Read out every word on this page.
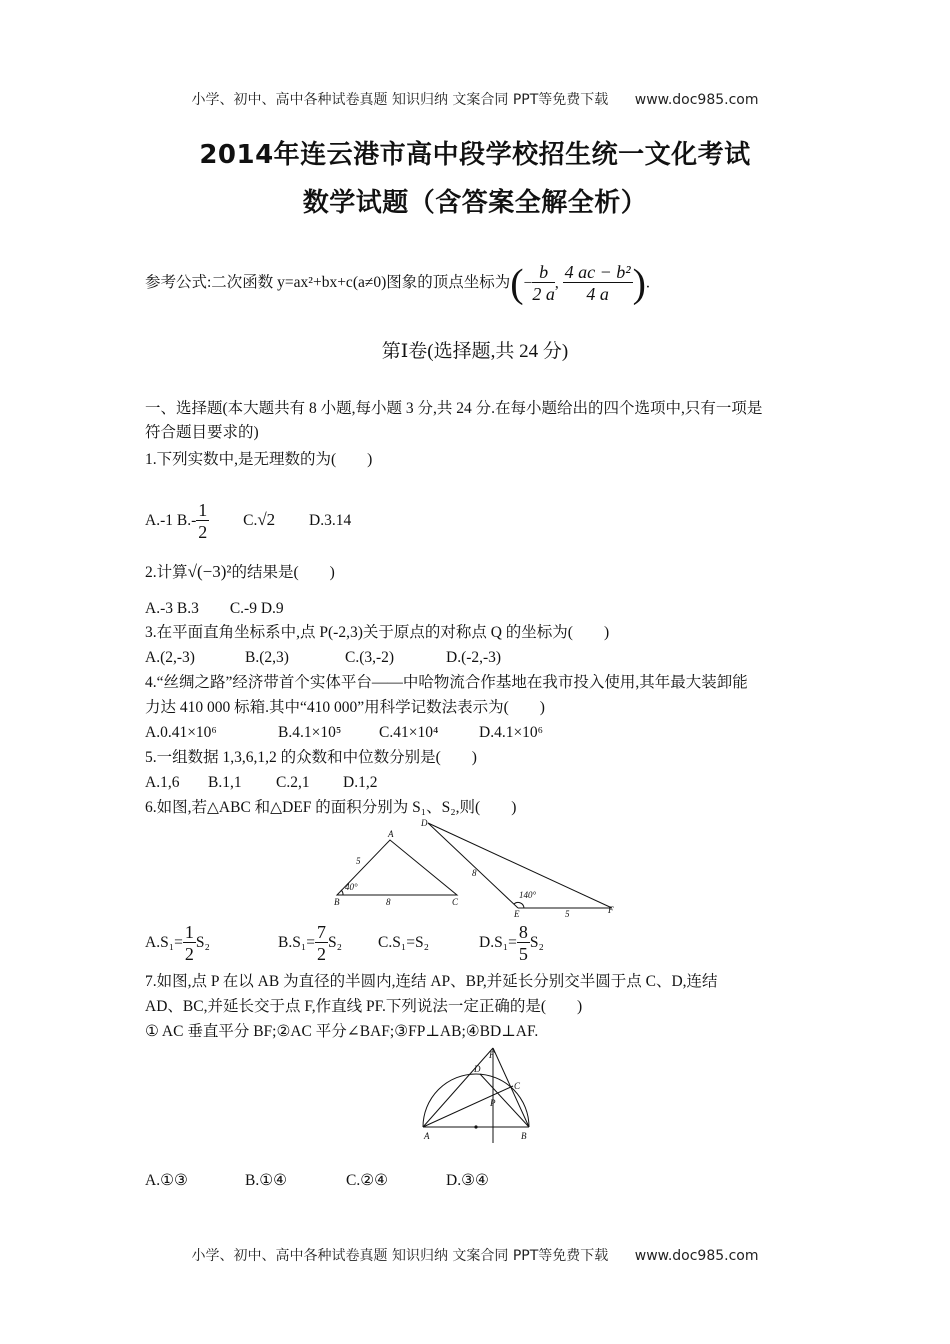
小学、初中、高中各种试卷真题 知识归纳 文案合同 PPT等免费下载 www.doc985.com
2014年连云港市高中段学校招生统一文化考试
数学试题（含答案全解全析）
参考公式:二次函数 y=ax²+bx+c(a≠0)图象的顶点坐标为(− $\frac{b}{2 a}$ , $\frac{\text{4 ac − b²}}{4 a}$ ).
第Ⅰ卷(选择题,共 24 分)
一、选择题(本大题共有 8 小题,每小题 3 分,共 24 分.在每小题给出的四个选项中,只有一项是
符合题目要求的)
1.下列实数中,是无理数的为(　　)
A.-1 $B.- \frac{1}{2} C.√2$ D.3.14
2.计算√(−3)²的结果是(　　)
A.-3 B.3　　C.-9 D.9
3.在平面直角坐标系中,点 P(-2,3)关于原点的对称点 Q 的坐标为(　　)
A.(2,-3)	B.(2,3)	C.(3,-2)	D.(-2,-3)
4.“丝绸之路”经济带首个实体平台——中哈物流合作基地在我市投入使用,其年最大装卸能
力达 410 000 标箱.其中“410 000”用科学记数法表示为(　　)
A.0.41×10⁶	B.4.1×10⁵ C.41×10⁴	D.4.1×10⁶
5.一组数据 1,3,6,1,2 的众数和中位数分别是(　　)
A.1,6 B.1,1 C.2,1 D.1,2
6.如图,若△ABC 和△DEF 的面积分别为 S₁、S₂,则(　　)
A
B	C
5
8
40°
D
E	F
8
5
140°
$A.S_1= \frac{1}{2} S_2$	$B.S_1= \frac{7}{2} S_2$ C.S₁=S₂	$D.S_1= \frac{8}{5} S_2$
7.如图,点 P 在以 AB 为直径的半圆内,连结 AP、BP,并延长分别交半圆于点 C、D,连结
AD、BC,并延长交于点 F,作直线 PF.下列说法一定正确的是(　　)
① AC 垂直平分 BF;②AC 平分∠BAF;③FP⊥AB;④BD⊥AF.
A	B
C
D
F
P
A.①③	B.①④	C.②④	D.③④
小学、初中、高中各种试卷真题 知识归纳 文案合同 PPT等免费下载 www.doc985.com
